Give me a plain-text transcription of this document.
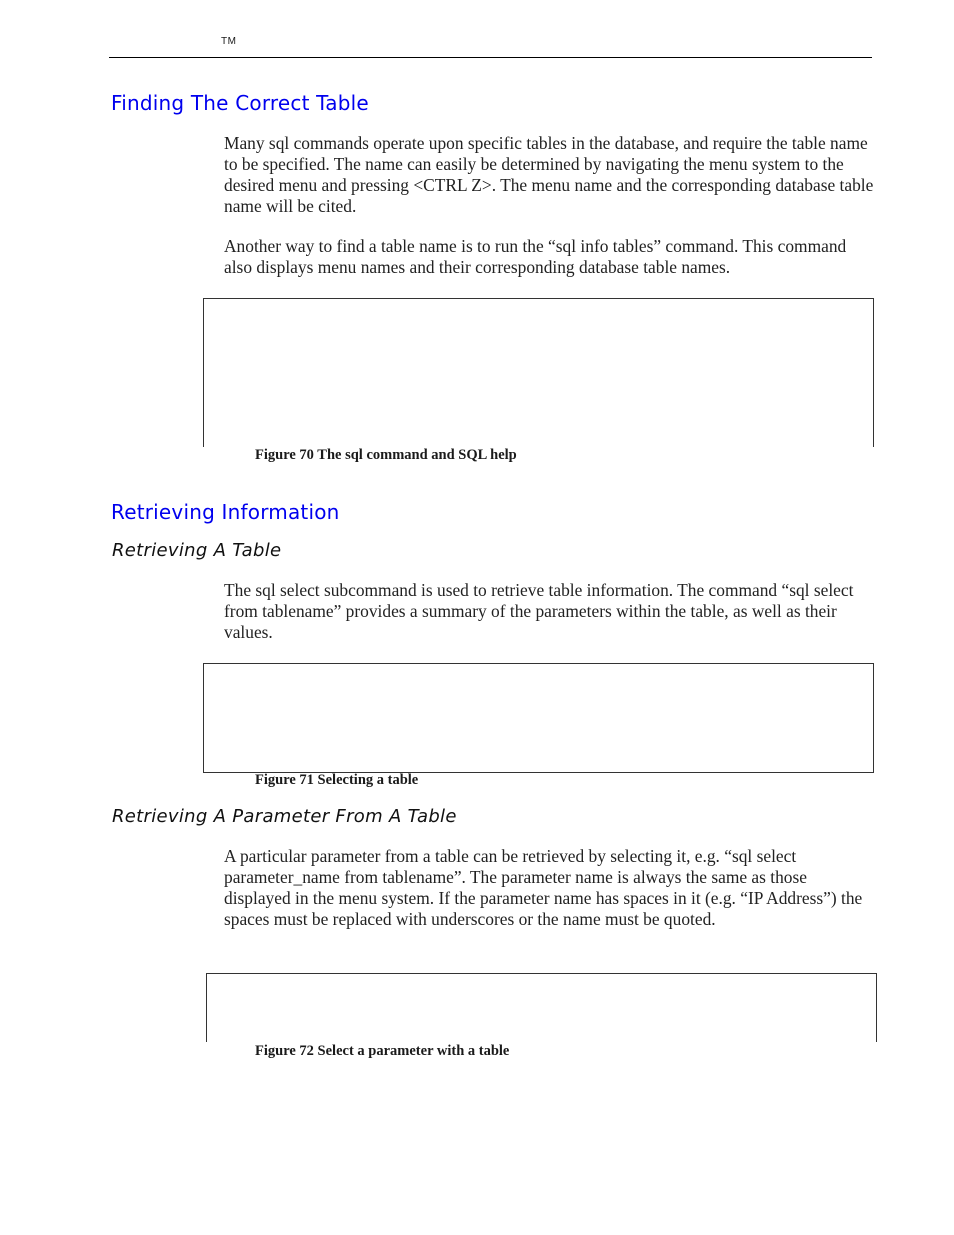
TM
Finding The Correct Table

Many sql commands operate upon specific tables in the database, and require the table name to be specified. The name can easily be determined by navigating the menu system to the desired menu and pressing <CTRL Z>. The menu name and the corresponding database table name will be cited.

Another way to find a table name is to run the “sql info tables” command. This command also displays menu names and their corresponding database table names.

Figure 70 The sql command and SQL help

Retrieving Information
Retrieving A Table

The sql select subcommand is used to retrieve table information. The command “sql select from tablename” provides a summary of the parameters within the table, as well as their values.

Figure 71 Selecting a table

Retrieving A Parameter From A Table

A particular parameter from a table can be retrieved by selecting it, e.g. “sql select parameter_name from tablename”. The parameter name is always the same as those displayed in the menu system. If the parameter name has spaces in it (e.g. “IP Address”) the spaces must be replaced with underscores or the name must be quoted.

Figure 72 Select a parameter with a table
